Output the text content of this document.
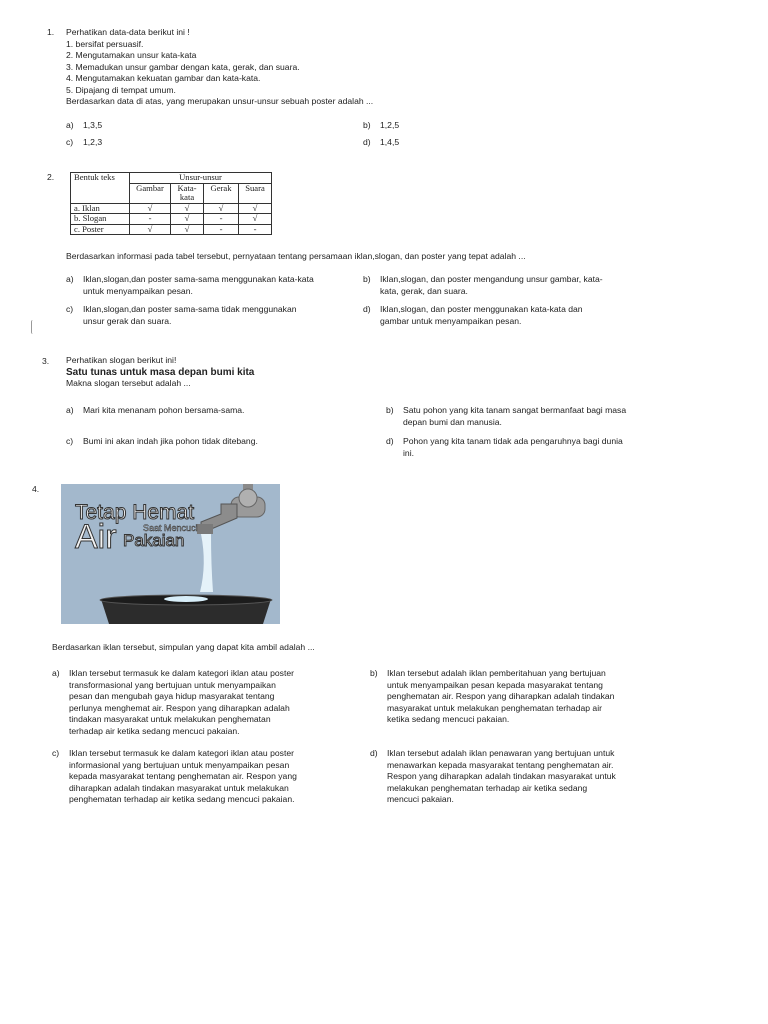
1. Perhatikan data-data berikut ini !
1. bersifat persuasif.
2. Mengutamakan unsur kata-kata
3. Memadukan unsur gambar dengan kata, gerak, dan suara.
4. Mengutamakan kekuatan gambar dan kata-kata.
5. Dipajang di tempat umum.
Berdasarkan data di atas, yang merupakan unsur-unsur sebuah poster adalah ...
a) 1,3,5	b) 1,2,5
c) 1,2,3	d) 1,4,5
2. Bentuk teks	Unsur-unsur			
	Gambar	Kata-kata	Gerak	Suara
a. Iklan	√	√	√	√
b. Slogan	-	√	-	√
c. Poster	√	√	-	-
Berdasarkan informasi pada tabel tersebut, pernyataan tentang persamaan iklan,slogan, dan poster yang tepat adalah ...
a) Iklan,slogan,dan poster sama-sama menggunakan kata-kata
untuk menyampaikan pesan.
b) Iklan,slogan, dan poster mengandung unsur gambar, kata-
kata, gerak, dan suara.
c) Iklan,slogan,dan poster sama-sama tidak menggunakan
unsur gerak dan suara.
d) Iklan,slogan, dan poster menggunakan kata-kata dan
gambar untuk menyampaikan pesan.
3. Perhatikan slogan berikut ini!
Satu tunas untuk masa depan bumi kita
Makna slogan tersebut adalah ...
a) Mari kita menanam pohon bersama-sama.	b) Satu pohon yang kita tanam sangat bermanfaat bagi masa
depan bumi dan manusia.
c) Bumi ini akan indah jika pohon tidak ditebang.	d) Pohon yang kita tanam tidak ada pengaruhnya bagi dunia
ini.
4.
Tetap Hemat
Air	Saat Mencuci
Pakaian
Berdasarkan iklan tersebut, simpulan yang dapat kita ambil adalah ...
a) Iklan tersebut termasuk ke dalam kategori iklan atau poster
transformasional yang bertujuan untuk menyampaikan
pesan dan mengubah gaya hidup masyarakat tentang
perlunya menghemat air. Respon yang diharapkan adalah
tindakan masyarakat untuk melakukan penghematan
terhadap air ketika sedang mencuci pakaian.
b) Iklan tersebut adalah iklan pemberitahuan yang bertujuan
untuk menyampaikan pesan kepada masyarakat tentang
penghematan air. Respon yang diharapkan adalah tindakan
masyarakat untuk melakukan penghematan terhadap air
ketika sedang mencuci pakaian.
c) Iklan tersebut termasuk ke dalam kategori iklan atau poster
informasional yang bertujuan untuk menyampaikan pesan
kepada masyarakat tentang penghematan air. Respon yang
diharapkan adalah tindakan masyarakat untuk melakukan
penghematan terhadap air ketika sedang mencuci pakaian.
d) Iklan tersebut adalah iklan penawaran yang bertujuan untuk
menawarkan kepada masyarakat tentang penghematan air.
Respon yang diharapkan adalah tindakan masyarakat untuk
melakukan penghematan terhadap air ketika sedang
mencuci pakaian.
